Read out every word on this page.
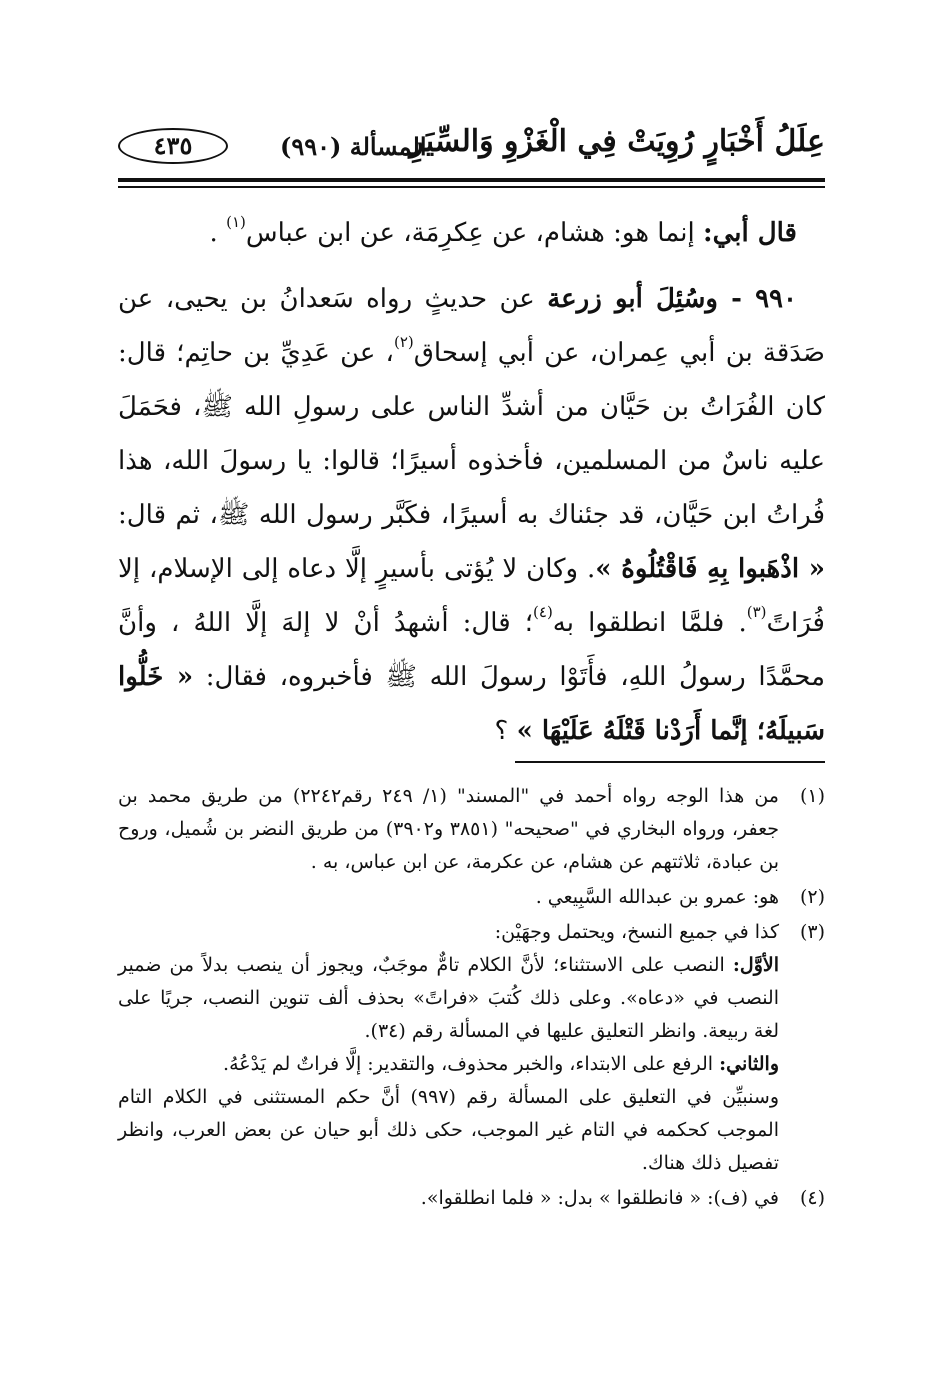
عِلَلُ أَخْبَارٍ رُوِيَتْ فِي الْغَزْوِ وَالسِّيَرِ
المسألة (٩٩٠)
٤٣٥

قال أبي: إنما هو: هشام، عن عِكرِمَة، عن ابن عباس$^{(١)}$ .

٩٩٠ - وسُئِلَ أبو زرعة عن حديثٍ رواه سَعدانُ بن يحيى، عن صَدَقة بن أبي عِمران، عن أبي إسحاق$^{(٢)}$، عن عَدِيِّ بن حاتِم؛ قال: كان الفُرَاتُ بن حَيَّان من أشدِّ الناس على رسولِ الله ﷺ، فحَمَلَ عليه ناسٌ من المسلمين، فأخذوه أسيرًا؛ قالوا: يا رسولَ الله، هذا فُراتُ ابن حَيَّان، قد جئناك به أسيرًا، فكَبَّر رسول الله ﷺ، ثم قال: « اذْهَبوا بِهِ فَاقْتُلُوهُ ». وكان لا يُؤتى بأسيرٍ إلَّا دعاه إلى الإسلام، إلا فُرَاتً$^{(٣)}$. فلمَّا انطلقوا به$^{(٤)}$؛ قال: أشهدُ أنْ لا إلهَ إلَّا اللهُ ، وأنَّ محمَّدًا رسولُ اللهِ، فأَتَوْا رسولَ الله ﷺ فأخبروه، فقال: « خَلُّوا سَبيلَهُ؛ إنَّما أَرَدْنا قَتْلَهُ عَلَيْهَا » ؟

(١)

من هذا الوجه رواه أحمد في "المسند" (١/ ٢٤٩ رقم٢٢٤٢) من طريق محمد بن جعفر، ورواه البخاري في "صحيحه" (٣٨٥١ و٣٩٠٢) من طريق النضر بن شُميل، وروح بن عبادة، ثلاثتهم عن هشام، عن عكرمة، عن ابن عباس، به .

(٢)

هو: عمرو بن عبدالله السَّبِيعي .

(٣)

كذا في جميع النسخ، ويحتمل وجهَيْن:

الأوَّل: النصب على الاستثناء؛ لأنَّ الكلام تامٌّ موجَبٌ، ويجوز أن ينصب بدلاً من ضمير النصب في «دعاه». وعلى ذلك كُتبَ «فراتً» بحذف ألف تنوين النصب، جريًا على لغة ربيعة. وانظر التعليق عليها في المسألة رقم (٣٤).

والثاني: الرفع على الابتداء، والخبر محذوف، والتقدير: إلَّا فراتٌ لم يَدْعُهُ.

وسنبيِّن في التعليق على المسألة رقم (٩٩٧) أنَّ حكم المستثنى في الكلام التام الموجب كحكمه في التام غير الموجب، حكى ذلك أبو حيان عن بعض العرب، وانظر تفصيل ذلك هناك.

(٤)

في (ف): « فانطلقوا » بدل: « فلما انطلقوا».
